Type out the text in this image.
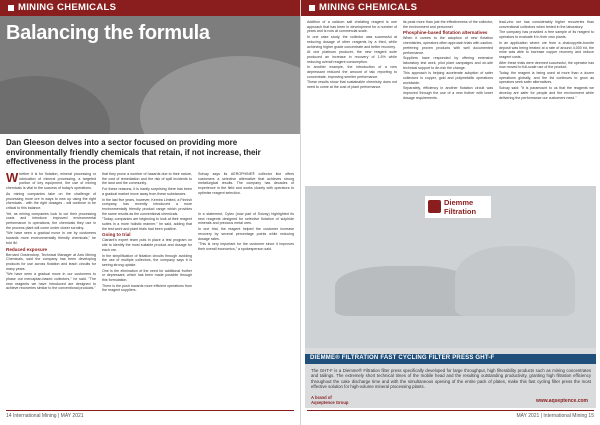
MINING CHEMICALS
Balancing the formula
Dan Gleeson delves into a sector focused on providing more environmentally friendly chemicals that retain, if not increase, their effectiveness in the process plant

Whether it is for flotation, mineral processing or lubrication of mineral processing, a targeted portion of key equipment, the use of mining chemicals is vital to the success of today's operations.

As mining companies take on the challenge of processing more ore in ways to new up using the right chemicals - with the right dosages - will continue to be critical to this balance.

Yet, as mining companies look to cut their processing costs and introduce improved environmental performance in operations, the chemicals they use in the process plant will come under closer scrutiny.

"We have seen a gradual move in ore by customers towards more environmentally friendly chemicals," he told IM.

Reduced exposure

Bernard Oostendorp, Technical Manager at Axis Mining Chemicals, said the company has been developing products for use across flotation and leach circuits for many years.

"We have seen a gradual move in our customers to phase out mercaptan-based collectors," he said. "The new reagents we have introduced are designed to achieve recoveries similar to the conventional products."

that they prove a number of hazards due to their nature, the cost of remediation and the risk of spill incidents to the land and the community.

For these reasons, it is hardly surprising there has been a gradual market move away from these substances.

In the last five years, however, Kemira Limited, a Finnish company, has recently introduced a more environmentally friendly product range which provides the same results as the conventional chemicals.

"Today, companies are beginning to look at their reagent suites in a more holistic manner," he said, adding that the test work and plant trials had been positive.

Going to trial

Clariant's expert team puts in place a test program on site to identify the most suitable product and dosage for each ore.

In the simplification of flotation circuits through avoiding the use of multiple collectors, the company says it is seeing strong uptake.

One is the elimination of the need for additional frother or depressant, which has been made possible through this formulation.

There is the push towards more efficient operations from the reagent suppliers.

Solvay says its AEROPHINE® collector line offers customers a selective alternative that achieves strong metallurgical results. The company has decades of experience in the field and works closely with operators to optimise reagent selection.

In a statement, Cytec (now part of Solvay) highlighted its new reagents designed for selective flotation of sulphide minerals and precious metal ores.

In one trial, the reagent helped the customer increase recovery by several percentage points while reducing dosage rates.

"This is very important for the customer since it improves their overall economics," a spokesperson said.

14 International Mining | MAY 2021
MINING CHEMICALS

Addition of a calcium salt chelating reagent is one approach that has been in development for a number of years and is now at commercial scale.

In one case study, the collector was successful at reducing dosage of other reagents by a third, while achieving higher grade concentrate and better recovery.

At one platinum producer, the new reagent suite produced an increase in recovery of 1.5% while reducing overall reagent consumption.

In another example, the introduction of a new depressant reduced the amount of talc reporting to concentrate, improving smelter performance.

These results show that sustainable chemistry does not need to come at the cost of plant performance.

its peak more than just the effectiveness of the collector, the environment and personnel.

Phosphine-based flotation alternatives

When it comes to the adoption of new flotation chemistries, operators often approach trials with caution, preferring proven products with well documented performance.

Suppliers have responded by offering extensive laboratory test work, pilot plant campaigns and on-site technical support to de-risk the change.

This approach is helping accelerate adoption of safer collectors in copper, gold and polymetallic operations worldwide.

Separately, efficiency in another flotation circuit was improved through the use of a new frother with lower dosage requirements.

lead-zinc ore has considerably higher recoveries than conventional collectors when tested in the laboratory.

The company has provided a free sample of its reagent to operators to evaluate it in their own plants.

In an application where ore from a chalcopyrite-bornite deposit was being treated at a rate of around 4,000 t/d, the mine was able to increase copper recovery and reduce reagent costs.

After these trials were deemed successful, the operator has now moved to full-scale use of the product.

Today, the reagent is being used at more than a dozen operations globally, and the list continues to grow as operators seek safer alternatives.

Solvay said: "It is paramount to us that the reagents we develop are safer for people and the environment while delivering the performance our customers need."

Diemme
Filtration
DIEMME® FILTRATION FAST CYCLING FILTER PRESS GHT-F
The GHT-F is a Diemme® Filtration filter press specifically developed for large throughput, high filterability products such as mining concentrates and tailings. The extremely short technical times of the mobile head and the resulting outstanding productivity, granting high filtration efficiency throughout the cake discharge time and with the simultaneous opening of the entire pack of plates, make this fast cycling filter press the most effective solution for high-volume mineral processing plants.
A brand of
Aqseptence Group	www.aqseptence.com
MAY 2021 | International Mining 15
